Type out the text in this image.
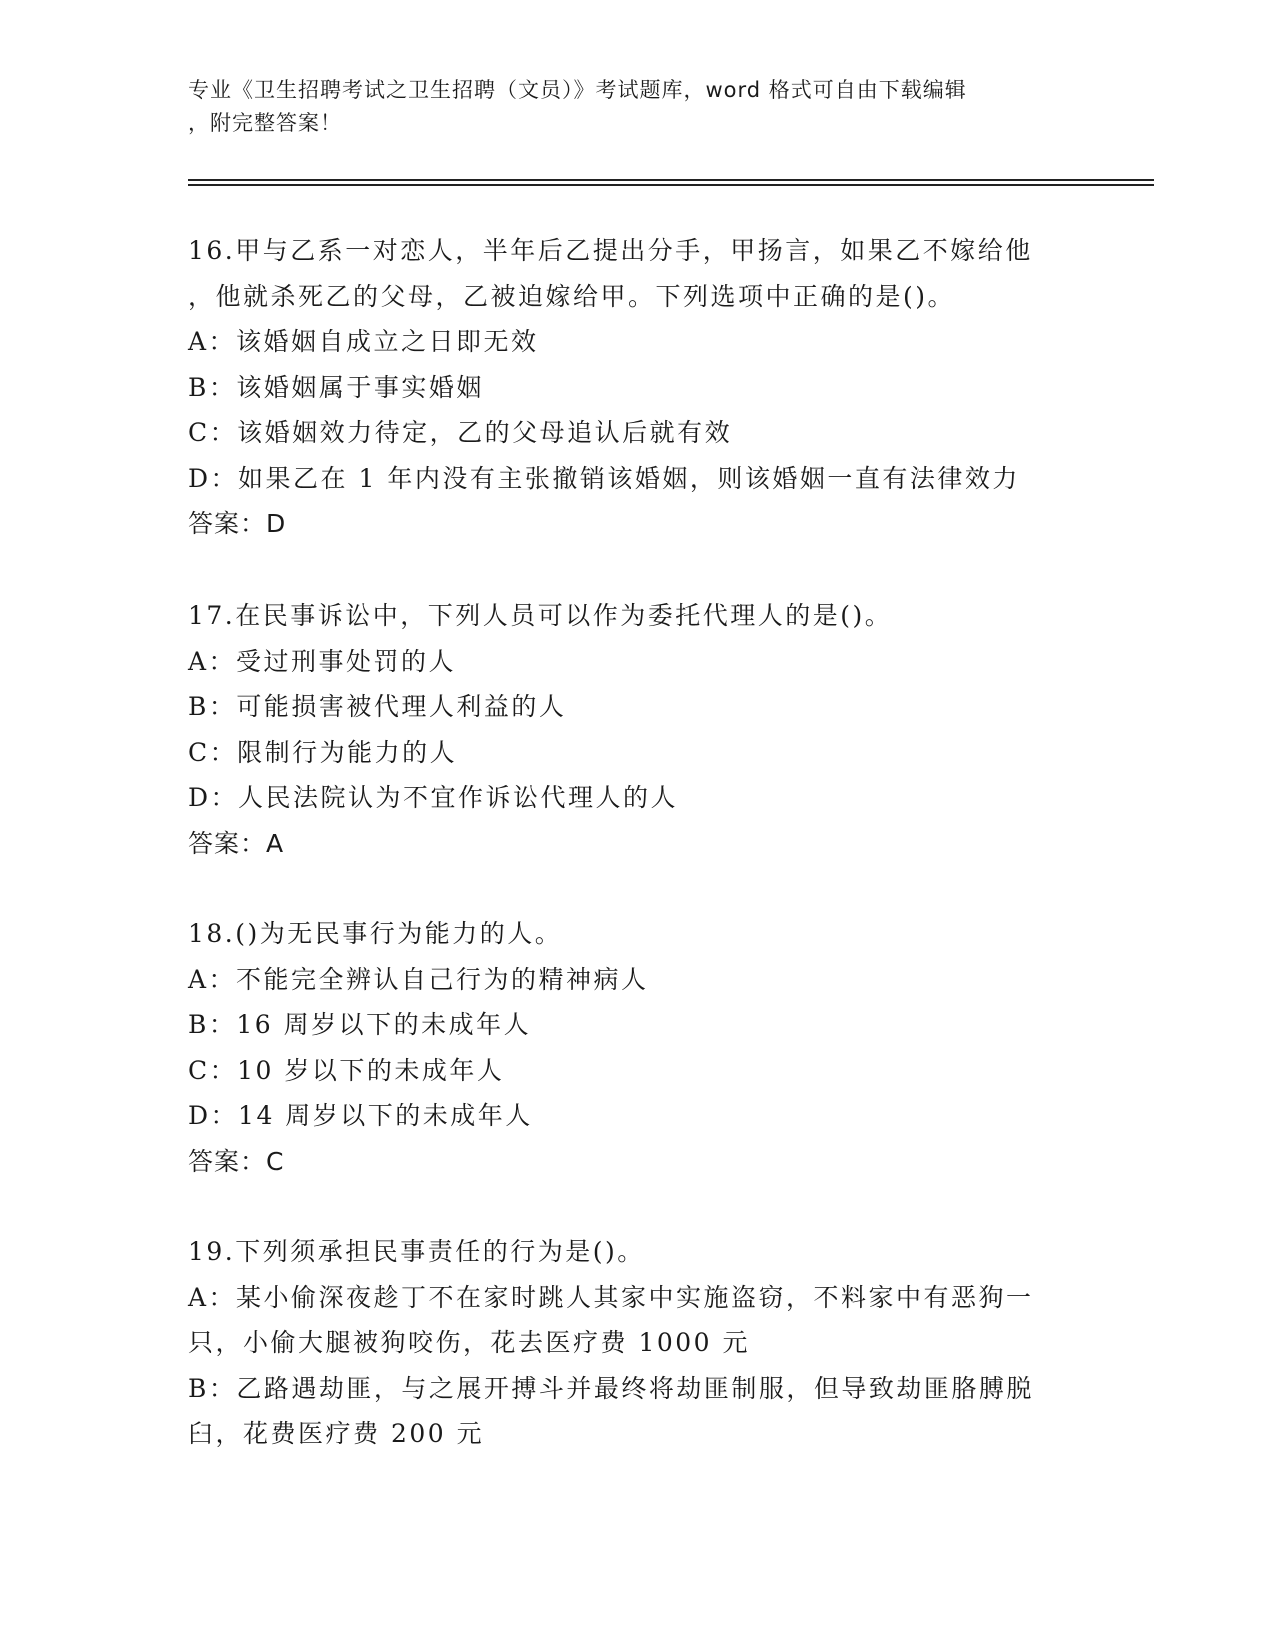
专业《卫生招聘考试之卫生招聘（文员）》考试题库，word 格式可自由下载编辑
，附完整答案！

16.甲与乙系一对恋人，半年后乙提出分手，甲扬言，如果乙不嫁给他

，他就杀死乙的父母，乙被迫嫁给甲。下列选项中正确的是()。

A：该婚姻自成立之日即无效

B：该婚姻属于事实婚姻

C：该婚姻效力待定，乙的父母追认后就有效

D：如果乙在 1 年内没有主张撤销该婚姻，则该婚姻一直有法律效力

答案：D

17.在民事诉讼中，下列人员可以作为委托代理人的是()。

A：受过刑事处罚的人

B：可能损害被代理人利益的人

C：限制行为能力的人

D：人民法院认为不宜作诉讼代理人的人

答案：A

18.()为无民事行为能力的人。

A：不能完全辨认自己行为的精神病人

B：16 周岁以下的未成年人

C：10 岁以下的未成年人

D：14 周岁以下的未成年人

答案：C

19.下列须承担民事责任的行为是()。

A：某小偷深夜趁丁不在家时跳人其家中实施盗窃，不料家中有恶狗一

只，小偷大腿被狗咬伤，花去医疗费 1000 元

B：乙路遇劫匪，与之展开搏斗并最终将劫匪制服，但导致劫匪胳膊脱

臼，花费医疗费 200 元
